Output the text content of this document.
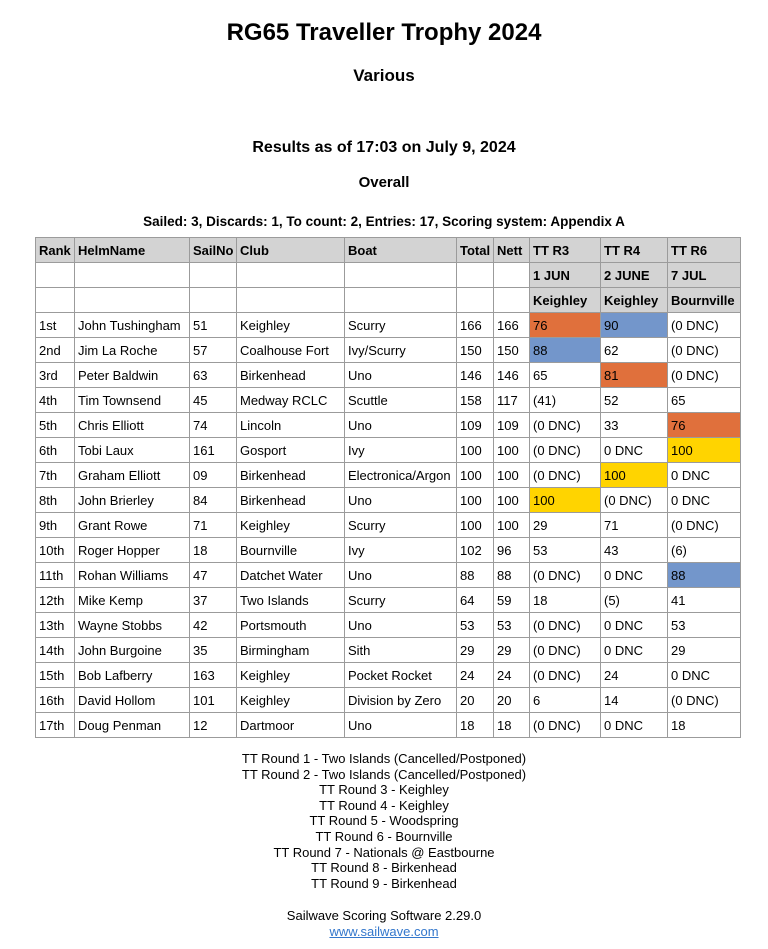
RG65 Traveller Trophy 2024
Various
Results as of 17:03 on July 9, 2024
Overall

Sailed: 3, Discards: 1, To count: 2, Entries: 17, Scoring system: Appendix A

Rank	HelmName	SailNo	Club	Boat	Total	Nett	TT R3	TT R4	TT R6
							1 JUN	2 JUNE	7 JUL
							Keighley	Keighley	Bournville
1st	John Tushingham	51	Keighley	Scurry	166	166	76	90	(0 DNC)
2nd	Jim La Roche	57	Coalhouse Fort	Ivy/Scurry	150	150	88	62	(0 DNC)
3rd	Peter Baldwin	63	Birkenhead	Uno	146	146	65	81	(0 DNC)
4th	Tim Townsend	45	Medway RCLC	Scuttle	158	117	(41)	52	65
5th	Chris Elliott	74	Lincoln	Uno	109	109	(0 DNC)	33	76
6th	Tobi Laux	161	Gosport	Ivy	100	100	(0 DNC)	0 DNC	100
7th	Graham Elliott	09	Birkenhead	Electronica/Argon	100	100	(0 DNC)	100	0 DNC
8th	John Brierley	84	Birkenhead	Uno	100	100	100	(0 DNC)	0 DNC
9th	Grant Rowe	71	Keighley	Scurry	100	100	29	71	(0 DNC)
10th	Roger Hopper	18	Bournville	Ivy	102	96	53	43	(6)
11th	Rohan Williams	47	Datchet Water	Uno	88	88	(0 DNC)	0 DNC	88
12th	Mike Kemp	37	Two Islands	Scurry	64	59	18	(5)	41
13th	Wayne Stobbs	42	Portsmouth	Uno	53	53	(0 DNC)	0 DNC	53
14th	John Burgoine	35	Birmingham	Sith	29	29	(0 DNC)	0 DNC	29
15th	Bob Lafberry	163	Keighley	Pocket Rocket	24	24	(0 DNC)	24	0 DNC
16th	David Hollom	101	Keighley	Division by Zero	20	20	6	14	(0 DNC)
17th	Doug Penman	12	Dartmoor	Uno	18	18	(0 DNC)	0 DNC	18
TT Round 1 - Two Islands (Cancelled/Postponed)
TT Round 2 - Two Islands (Cancelled/Postponed)
TT Round 3 - Keighley
TT Round 4 - Keighley
TT Round 5 - Woodspring
TT Round 6 - Bournville
TT Round 7 - Nationals @ Eastbourne
TT Round 8 - Birkenhead
TT Round 9 - Birkenhead
Sailwave Scoring Software 2.29.0
www.sailwave.com
